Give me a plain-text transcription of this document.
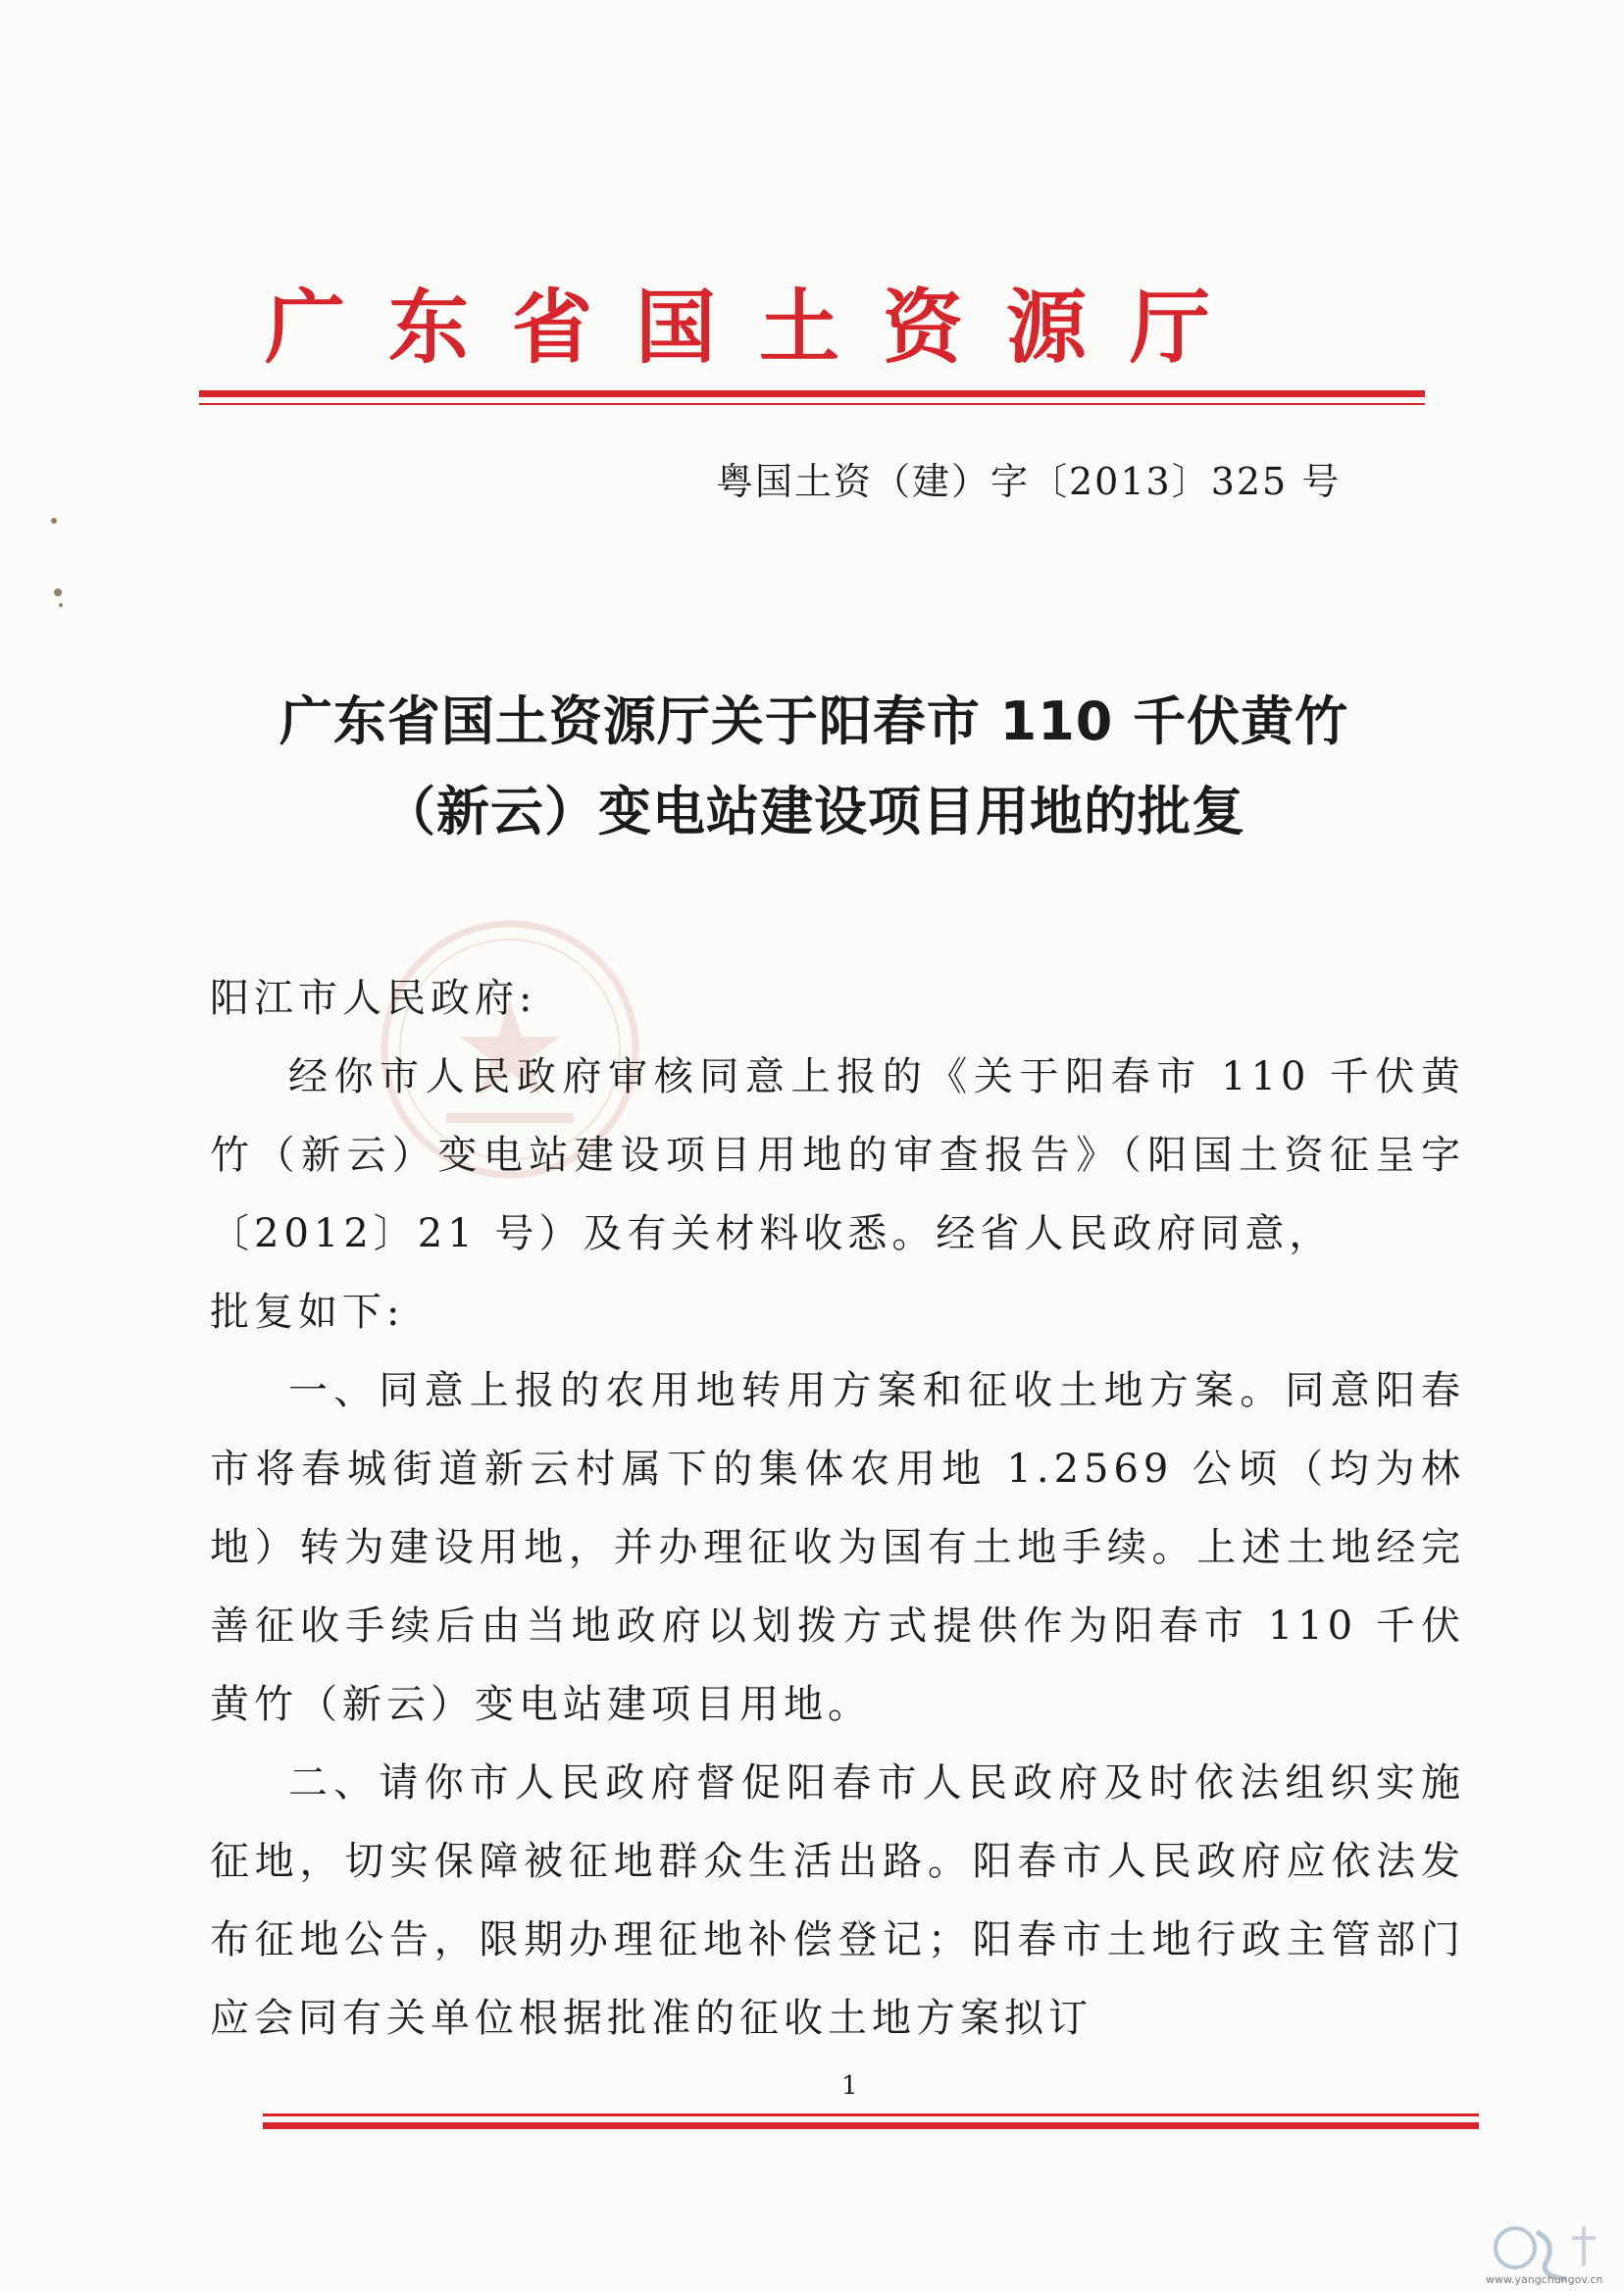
广东省国土资源厅
粤国土资（建）字〔2013〕325 号
广东省国土资源厅关于阳春市 110 千伏黄竹
（新云）变电站建设项目用地的批复

阳江市人民政府:

经你市人民政府审核同意上报的《关于阳春市 110 千伏黄竹（新云）变电站建设项目用地的审查报告》（阳国土资征呈字〔2012〕21 号）及有关材料收悉。经省人民政府同意，

批复如下:

一、同意上报的农用地转用方案和征收土地方案。同意阳春市将春城街道新云村属下的集体农用地 1.2569 公顷（均为林地）转为建设用地，并办理征收为国有土地手续。上述土地经完善征收手续后由当地政府以划拨方式提供作为阳春市 110 千伏黄竹（新云）变电站建项目用地。

二、请你市人民政府督促阳春市人民政府及时依法组织实施征地，切实保障被征地群众生活出路。阳春市人民政府应依法发布征地公告，限期办理征地补偿登记；阳春市土地行政主管部门应会同有关单位根据批准的征收土地方案拟订

1
www.yangchungov.cn
